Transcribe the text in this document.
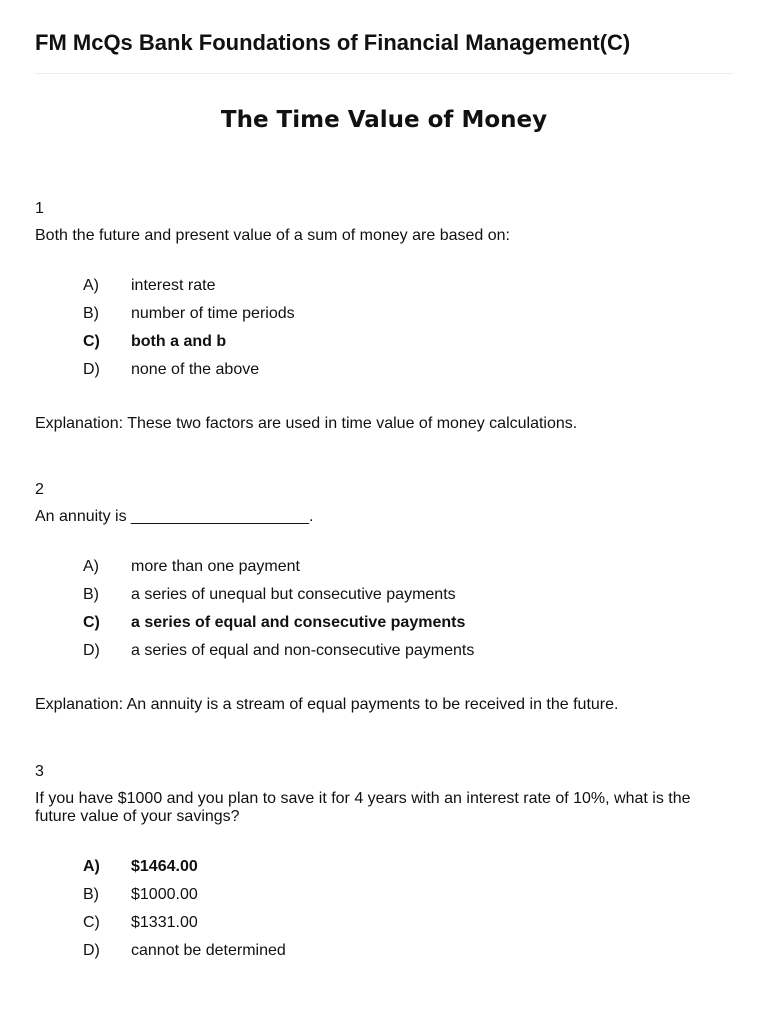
FM McQs Bank Foundations of Financial Management(C)
The Time Value of Money
1
Both the future and present value of a sum of money are based on:
A)	interest rate
B)	number of time periods
C)	both a and b
D)	none of the above
Explanation: These two factors are used in time value of money calculations.
2
An annuity is ____________________.
A)	more than one payment
B)	a series of unequal but consecutive payments
C)	a series of equal and consecutive payments
D)	a series of equal and non-consecutive payments
Explanation: An annuity is a stream of equal payments to be received in the future.
3
If you have $1000 and you plan to save it for 4 years with an interest rate of 10%, what is the future value of your savings?
A)	$1464.00
B)	$1000.00
C)	$1331.00
D)	cannot be determined
